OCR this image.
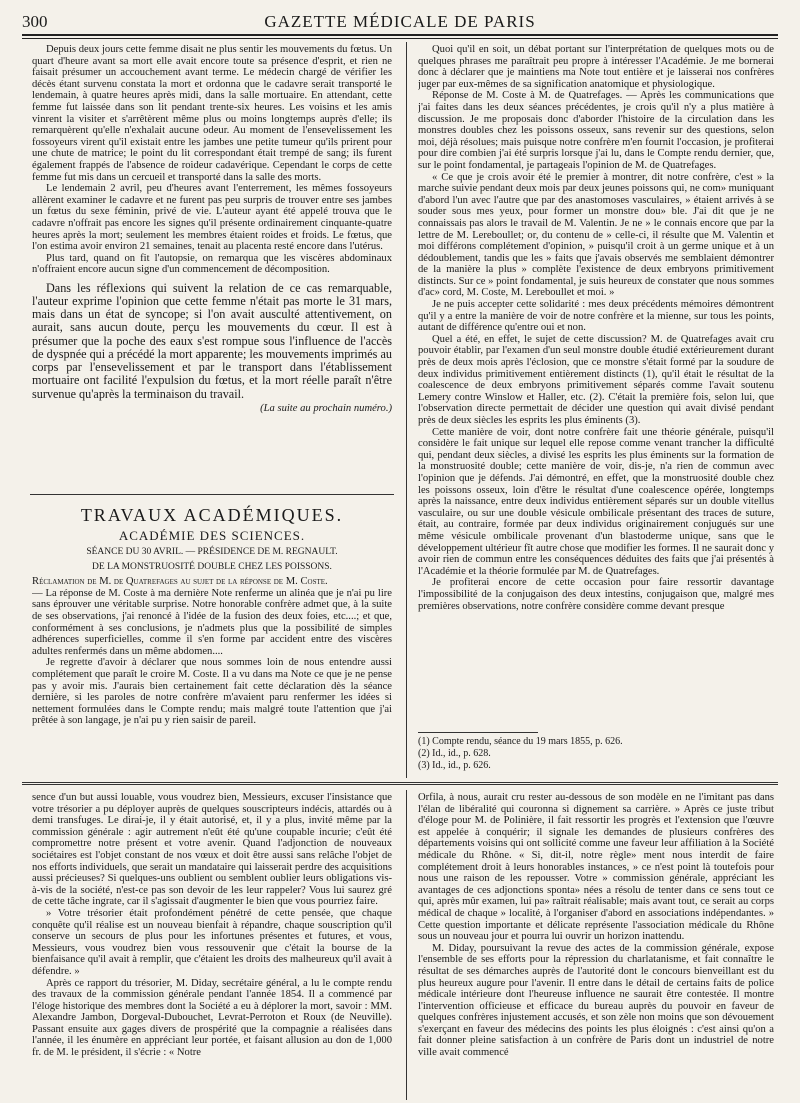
300	GAZETTE MÉDICALE DE PARIS

Depuis deux jours cette femme disait ne plus sentir les mouvements du fœtus. Un quart d'heure avant sa mort elle avait encore toute sa présence d'esprit, et rien ne faisait présumer un accouchement avant terme. Le médecin chargé de vérifier les décès étant survenu constata la mort et ordonna que le cadavre serait transporté le lendemain, à quatre heures après midi, dans la salle mortuaire. En attendant, cette femme fut laissée dans son lit pendant trente-six heures. Les voisins et les amis vinrent la visiter et s'arrêtèrent même plus ou moins longtemps auprès d'elle; ils remarquèrent qu'elle n'exhalait aucune odeur. Au moment de l'ensevelissement les fossoyeurs virent qu'il existait entre les jambes une petite tumeur qu'ils prirent pour une chute de matrice; le point du lit correspondant était trempé de sang; ils furent également frappés de l'absence de roideur cadavérique. Cependant le corps de cette femme fut mis dans un cercueil et transporté dans la salle des morts.

Le lendemain 2 avril, peu d'heures avant l'enterrement, les mêmes fossoyeurs allèrent examiner le cadavre et ne furent pas peu surpris de trouver entre ses jambes un fœtus du sexe féminin, privé de vie. L'auteur ayant été appelé trouva que le cadavre n'offrait pas encore les signes qu'il présente ordinairement cinquante-quatre heures après la mort; seulement les membres étaient roides et froids. Le fœtus, que l'on estima avoir environ 21 semaines, tenait au placenta resté encore dans l'utérus.

Plus tard, quand on fit l'autopsie, on remarqua que les viscères abdominaux n'offraient encore aucun signe d'un commencement de décomposition.

Dans les réflexions qui suivent la relation de ce cas remarquable, l'auteur exprime l'opinion que cette femme n'était pas morte le 31 mars, mais dans un état de syncope; si l'on avait ausculté attentivement, on aurait, sans aucun doute, perçu les mouvements du cœur. Il est à présumer que la poche des eaux s'est rompue sous l'influence de l'accès de dyspnée qui a précédé la mort apparente; les mouvements imprimés au corps par l'ensevelissement et par le transport dans l'établissement mortuaire ont facilité l'expulsion du fœtus, et la mort réelle paraît n'être survenue qu'après la terminaison du travail.

(La suite au prochain numéro.)

TRAVAUX ACADÉMIQUES.

ACADÉMIE DES SCIENCES.

SÉANCE DU 30 AVRIL. — PRÉSIDENCE DE M. REGNAULT.

DE LA MONSTRUOSITÉ DOUBLE CHEZ LES POISSONS.

Réclamation de M. de Quatrefages au sujet de la réponse de M. Coste.

— La réponse de M. Coste à ma dernière Note renferme un alinéa que je n'ai pu lire sans éprouver une véritable surprise. Notre honorable confrère admet que, à la suite de ses observations, j'ai renoncé à l'idée de la fusion des deux foies, etc....; et que, conformément à ses conclusions, je n'admets plus que la possibilité de simples adhérences superficielles, comme il s'en forme par accident entre des viscères adultes renfermés dans un même abdomen....

Je regrette d'avoir à déclarer que nous sommes loin de nous entendre aussi complétement que paraît le croire M. Coste. Il a vu dans ma Note ce que je ne pense pas y avoir mis. J'aurais bien certainement fait cette déclaration dès la séance dernière, si les paroles de notre confrère m'avaient paru renfermer les idées si nettement formulées dans le Compte rendu; mais malgré toute l'attention que j'ai prêtée à son langage, je n'ai pu y rien saisir de pareil.

Quoi qu'il en soit, un débat portant sur l'interprétation de quelques mots ou de quelques phrases me paraîtrait peu propre à intéresser l'Académie. Je me bornerai donc à déclarer que je maintiens ma Note tout entière et je laisserai nos confrères juger par eux-mêmes de sa signification anatomique et physiologique.

Réponse de M. Coste à M. de Quatrefages. — Après les communications que j'ai faites dans les deux séances précédentes, je crois qu'il n'y a plus matière à discussion. Je me proposais donc d'aborder l'histoire de la circulation dans les monstres doubles chez les poissons osseux, sans revenir sur des questions, selon moi, déjà résolues; mais puisque notre confrère m'en fournit l'occasion, je profiterai pour dire combien j'ai été surpris lorsque j'ai lu, dans le Compte rendu dernier, que, sur le point fondamental, je partageais l'opinion de M. de Quatrefages.

« Ce que je crois avoir été le premier à montrer, dit notre confrère, c'est » la marche suivie pendant deux mois par deux jeunes poissons qui, ne com» muniquant d'abord l'un avec l'autre que par des anastomoses vasculaires, » étaient arrivés à se souder sous mes yeux, pour former un monstre dou» ble. J'ai dit que je ne connaissais pas alors le travail de M. Valentin. Je ne » le connais encore que par la lettre de M. Lereboullet; or, du contenu de » celle-ci, il résulte que M. Valentin et moi différons complétement d'opinion, » puisqu'il croit à un germe unique et à un dédoublement, tandis que les » faits que j'avais observés me semblaient démontrer de la manière la plus » complète l'existence de deux embryons primitivement distincts. Sur ce » point fondamental, je suis heureux de constater que nous sommes d'ac» cord, M. Coste, M. Lereboullet et moi. »

Je ne puis accepter cette solidarité : mes deux précédents mémoires démontrent qu'il y a entre la manière de voir de notre confrère et la mienne, sur tous les points, autant de différence qu'entre oui et non.

Quel a été, en effet, le sujet de cette discussion? M. de Quatrefages avait cru pouvoir établir, par l'examen d'un seul monstre double étudié extérieurement durant près de deux mois après l'éclosion, que ce monstre s'était formé par la soudure de deux individus primitivement entièrement distincts (1), qu'il était le résultat de la coalescence de deux embryons primitivement séparés comme l'avait soutenu Lemery contre Winslow et Haller, etc. (2). C'était la première fois, selon lui, que l'observation directe permettait de décider une question qui avait divisé pendant près de deux siècles les esprits les plus éminents (3).

Cette manière de voir, dont notre confrère fait une théorie générale, puisqu'il considère le fait unique sur lequel elle repose comme venant trancher la difficulté qui, pendant deux siècles, a divisé les esprits les plus éminents sur la formation de la monstruosité double; cette manière de voir, dis-je, n'a rien de commun avec l'opinion que je défends. J'ai démontré, en effet, que la monstruosité double chez les poissons osseux, loin d'être le résultat d'une coalescence opérée, longtemps après la naissance, entre deux individus entièrement séparés sur un double vitellus vasculaire, ou sur une double vésicule ombilicale présentant des traces de suture, était, au contraire, formée par deux individus originairement conjugués sur une même vésicule ombilicale provenant d'un blastoderme unique, sans que le développement ultérieur fît autre chose que modifier les formes. Il ne saurait donc y avoir rien de commun entre les conséquences déduites des faits que j'ai présentés à l'Académie et la théorie formulée par M. de Quatrefages.

Je profiterai encore de cette occasion pour faire ressortir davantage l'impossibilité de la conjugaison des deux intestins, conjugaison que, malgré mes premières observations, notre confrère considère comme devant presque

(1) Compte rendu, séance du 19 mars 1855, p. 626.

(2) Id., id., p. 628.

(3) Id., id., p. 626.

sence d'un but aussi louable, vous voudrez bien, Messieurs, excuser l'insistance que votre trésorier a pu déployer auprès de quelques souscripteurs indécis, attardés ou à demi transfuges. Le dirai-je, il y était autorisé, et, il y a plus, invité même par la commission générale : agir autrement n'eût été qu'une coupable incurie; c'eût été compromettre notre présent et votre avenir. Quand l'adjonction de nouveaux sociétaires est l'objet constant de nos vœux et doit être aussi sans relâche l'objet de nos efforts individuels, que serait un mandataire qui laisserait perdre des acquisitions aussi précieuses? Si quelques-uns oublient ou semblent oublier leurs obligations vis-à-vis de la société, n'est-ce pas son devoir de les leur rappeler? Vous lui saurez gré de cette tâche ingrate, car il s'agissait d'augmenter le bien que vous pourriez faire.

» Votre trésorier était profondément pénétré de cette pensée, que chaque conquête qu'il réalise est un nouveau bienfait à répandre, chaque souscription qu'il conserve un secours de plus pour les infortunes présentes et futures, et vous, Messieurs, vous voudrez bien vous ressouvenir que c'était la bourse de la bienfaisance qu'il avait à remplir, que c'étaient les droits des malheureux qu'il avait à défendre. »

Après ce rapport du trésorier, M. Diday, secrétaire général, a lu le compte rendu des travaux de la commission générale pendant l'année 1854. Il a commencé par l'éloge historique des membres dont la Société a eu à déplorer la mort, savoir : MM. Alexandre Jambon, Dorgeval-Dubouchet, Levrat-Perroton et Roux (de Neuville). Passant ensuite aux gages divers de prospérité que la compagnie a réalisées dans l'année, il les énumère en appréciant leur portée, et faisant allusion au don de 1,000 fr. de M. le président, il s'écrie : « Notre

Orfila, à nous, aurait cru rester au-dessous de son modèle en ne l'imitant pas dans l'élan de libéralité qui couronna si dignement sa carrière. » Après ce juste tribut d'éloge pour M. de Polinière, il fait ressortir les progrès et l'extension que l'œuvre est appelée à conquérir; il signale les demandes de plusieurs confrères des départements voisins qui ont sollicité comme une faveur leur affiliation à la Société médicale du Rhône. « Si, dit-il, notre règle» ment nous interdit de faire complétement droit à leurs honorables instances, » ce n'est point là toutefois pour nous une raison de les repousser. Votre » commission générale, appréciant les avantages de ces adjonctions sponta» nées a résolu de tenter dans ce sens tout ce qui, après mûr examen, lui pa» raîtrait réalisable; mais avant tout, ce serait au corps médical de chaque » localité, à l'organiser d'abord en associations indépendantes. » Cette question importante et délicate représente l'association médicale du Rhône sous un nouveau jour et pourra lui ouvrir un horizon inattendu.

M. Diday, poursuivant la revue des actes de la commission générale, expose l'ensemble de ses efforts pour la répression du charlatanisme, et fait connaître le résultat de ses démarches auprès de l'autorité dont le concours bienveillant est du plus heureux augure pour l'avenir. Il entre dans le détail de certains faits de police médicale intérieure dont l'heureuse influence ne saurait être contestée. Il montre l'intervention officieuse et efficace du bureau auprès du pouvoir en faveur de quelques confrères injustement accusés, et son zèle non moins que son dévouement s'exerçant en faveur des médecins des points les plus éloignés : c'est ainsi qu'on a fait donner pleine satisfaction à un confrère de Paris dont un industriel de notre ville avait commencé
